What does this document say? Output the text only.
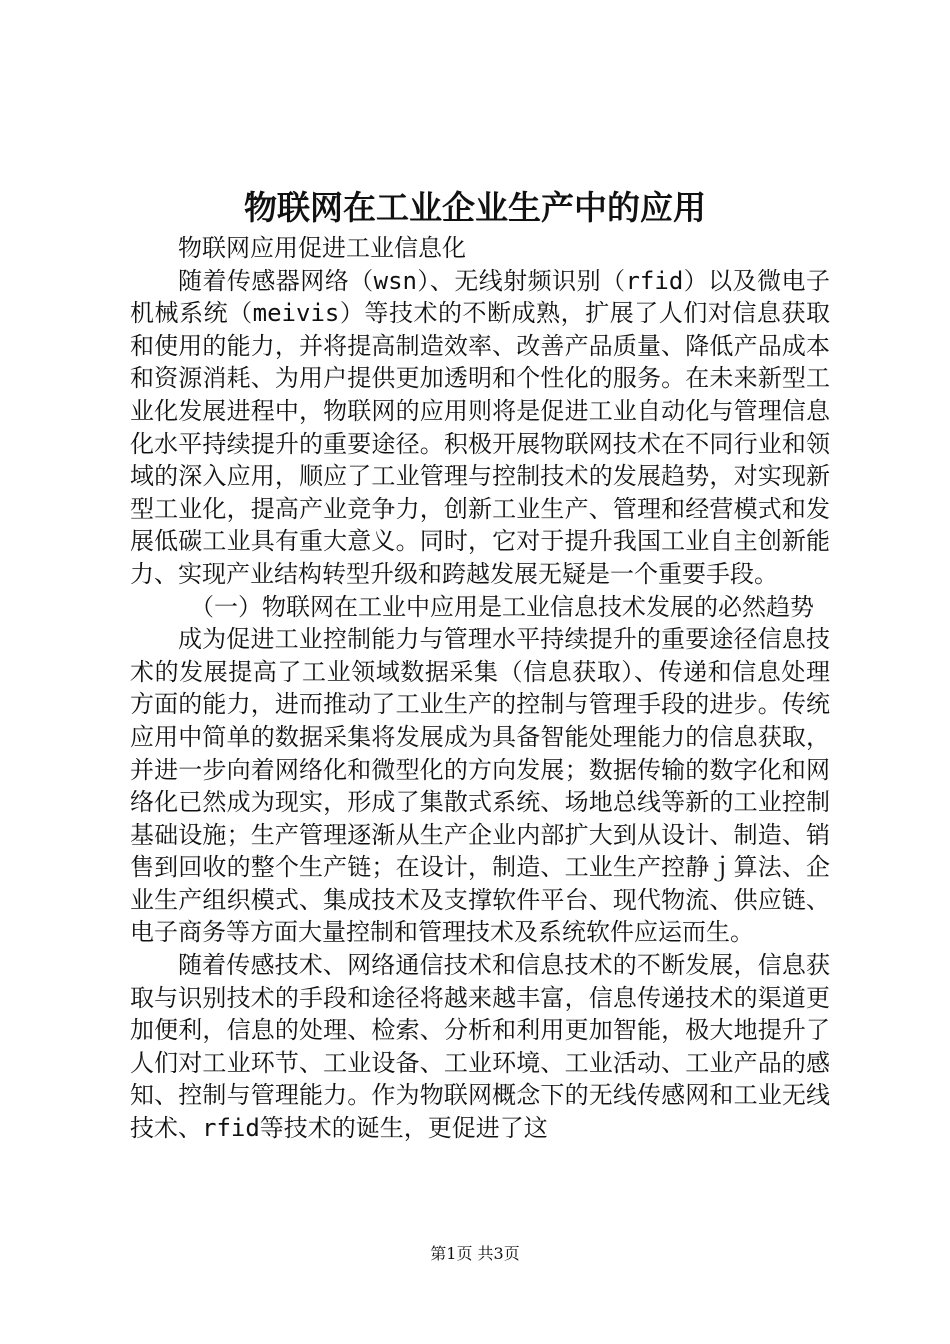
物联网在工业企业生产中的应用

物联网应用促进工业信息化

随着传感器网络（wsn）、无线射频识别（rfid）以及微电子机械系统（meivis）等技术的不断成熟，扩展了人们对信息获取和使用的能力，并将提高制造效率、改善产品质量、降低产品成本和资源消耗、为用户提供更加透明和个性化的服务。在未来新型工业化发展进程中，物联网的应用则将是促进工业自动化与管理信息化水平持续提升的重要途径。积极开展物联网技术在不同行业和领域的深入应用，顺应了工业管理与控制技术的发展趋势，对实现新型工业化，提高产业竞争力，创新工业生产、管理和经营模式和发展低碳工业具有重大意义。同时，它对于提升我国工业自主创新能力、实现产业结构转型升级和跨越发展无疑是一个重要手段。

（一）物联网在工业中应用是工业信息技术发展的必然趋势

成为促进工业控制能力与管理水平持续提升的重要途径信息技术的发展提高了工业领域数据采集（信息获取）、传递和信息处理方面的能力，进而推动了工业生产的控制与管理手段的进步。传统应用中简单的数据采集将发展成为具备智能处理能力的信息获取，并进一步向着网络化和微型化的方向发展；数据传输的数字化和网络化已然成为现实，形成了集散式系统、场地总线等新的工业控制基础设施；生产管理逐渐从生产企业内部扩大到从设计、制造、销售到回收的整个生产链；在设计，制造、工业生产控静ｊ算法、企业生产组织模式、集成技术及支撑软件平台、现代物流、供应链、电子商务等方面大量控制和管理技术及系统软件应运而生。

随着传感技术、网络通信技术和信息技术的不断发展，信息获取与识别技术的手段和途径将越来越丰富，信息传递技术的渠道更加便利，信息的处理、检索、分析和利用更加智能，极大地提升了人们对工业环节、工业设备、工业环境、工业活动、工业产品的感知、控制与管理能力。作为物联网概念下的无线传感网和工业无线技术、rfid等技术的诞生，更促进了这

第1页 共3页
